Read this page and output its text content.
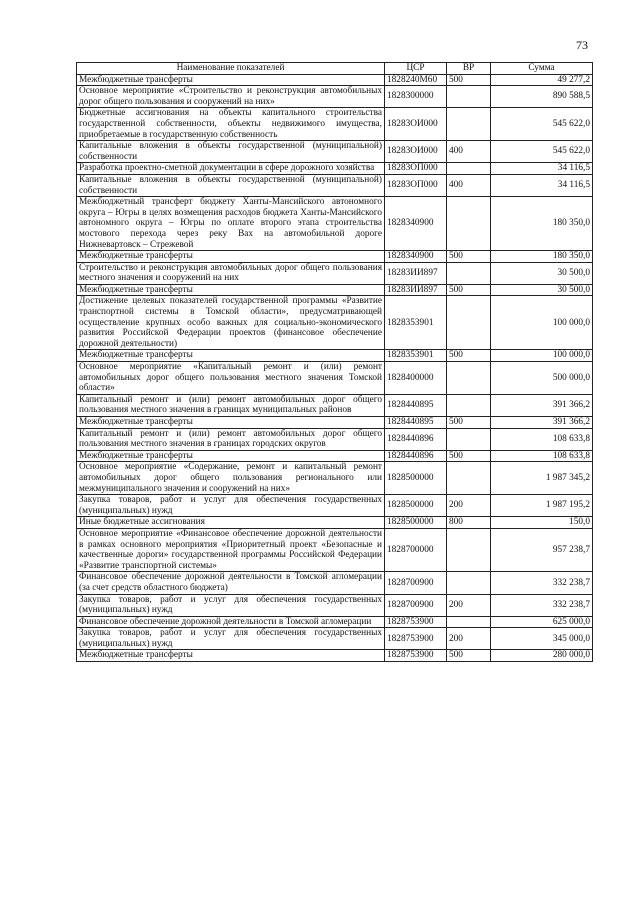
73
Наименование показателей	ЦСР	ВР	Сумма
Межбюджетные трансферты	1828240М60	500	49 277,2
Основное мероприятие «Строительство и реконструкция автомобильных дорог общего пользования и сооружений на них»	1828300000		890 588,5
Бюджетные ассигнования на объекты капитального строительства государственной собственности, объекты недвижимого имущества, приобретаемые в государственную собственность	18283ОИ000		545 622,0
Капитальные вложения в объекты государственной (муниципальной) собственности	18283ОИ000	400	545 622,0
Разработка проектно-сметной документации в сфере дорожного хозяйства	18283ОП000		34 116,5
Капитальные вложения в объекты государственной (муниципальной) собственности	18283ОП000	400	34 116,5
Межбюджетный трансферт бюджету Ханты-Мансийского автономного округа – Югры в целях возмещения расходов бюджета Ханты-Мансийского автономного округа – Югры по оплате второго этапа строительства мостового перехода через реку Вах на автомобильной дороге Нижневартовск – Стрежевой	1828340900		180 350,0
Межбюджетные трансферты	1828340900	500	180 350,0
Строительство и реконструкция автомобильных дорог общего пользования местного значения и сооружений на них	18283ИИ897		30 500,0
Межбюджетные трансферты	18283ИИ897	500	30 500,0
Достижение целевых показателей государственной программы «Развитие транспортной системы в Томской области», предусматривающей осуществление крупных особо важных для социально-экономического развития Российской Федерации проектов (финансовое обеспечение дорожной деятельности)	1828353901		100 000,0
Межбюджетные трансферты	1828353901	500	100 000,0
Основное мероприятие «Капитальный ремонт и (или) ремонт автомобильных дорог общего пользования местного значения Томской области»	1828400000		500 000,0
Капитальный ремонт и (или) ремонт автомобильных дорог общего пользования местного значения в границах муниципальных районов	1828440895		391 366,2
Межбюджетные трансферты	1828440895	500	391 366,2
Капитальный ремонт и (или) ремонт автомобильных дорог общего пользования местного значения в границах городских округов	1828440896		108 633,8
Межбюджетные трансферты	1828440896	500	108 633,8
Основное мероприятие «Содержание, ремонт и капитальный ремонт автомобильных дорог общего пользования регионального или межмуниципального значения и сооружений на них»	1828500000		1 987 345,2
Закупка товаров, работ и услуг для обеспечения государственных (муниципальных) нужд	1828500000	200	1 987 195,2
Иные бюджетные ассигнования	1828500000	800	150,0
Основное мероприятие «Финансовое обеспечение дорожной деятельности в рамках основного мероприятия «Приоритетный проект «Безопасные и качественные дороги» государственной программы Российской Федерации «Развитие транспортной системы»	1828700000		957 238,7
Финансовое обеспечение дорожной деятельности в Томской агломерации (за счет средств областного бюджета)	1828700900		332 238,7
Закупка товаров, работ и услуг для обеспечения государственных (муниципальных) нужд	1828700900	200	332 238,7
Финансовое обеспечение дорожной деятельности в Томской агломерации	1828753900		625 000,0
Закупка товаров, работ и услуг для обеспечения государственных (муниципальных) нужд	1828753900	200	345 000,0
Межбюджетные трансферты	1828753900	500	280 000,0
